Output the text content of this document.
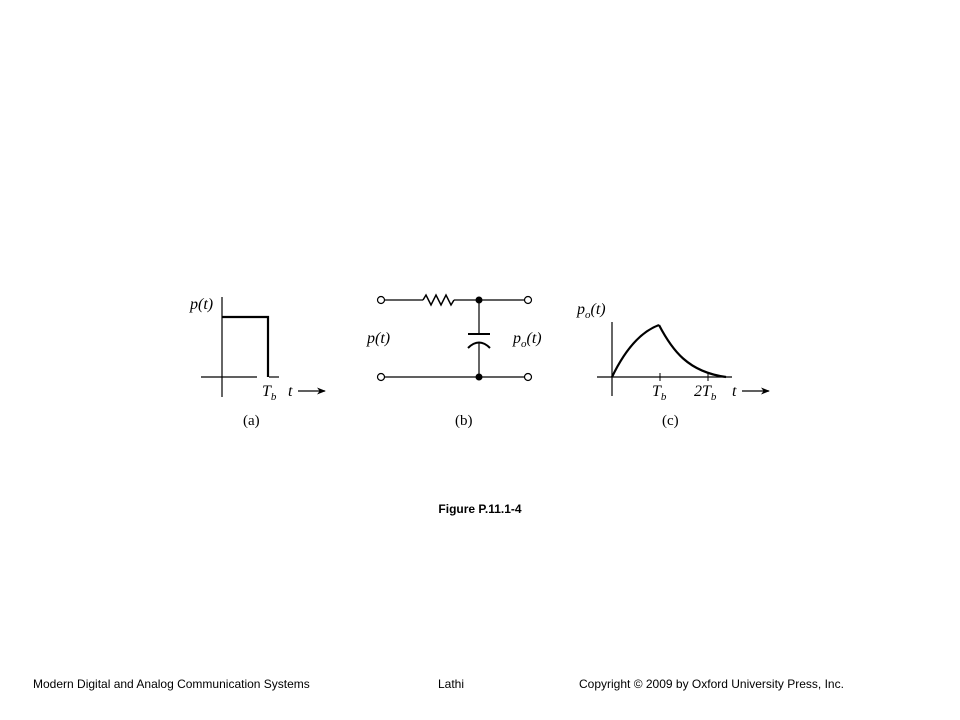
p(t)
$T_b$ t
(a)
p(t)	$p_o(t)$
(b)
$p_o(t)$
$T_b$ $2T_b$ t
(c)
Figure P.11.1-4
Modern Digital and Analog Communication Systems	Lathi	Copyright © 2009 by Oxford University Press, Inc.
